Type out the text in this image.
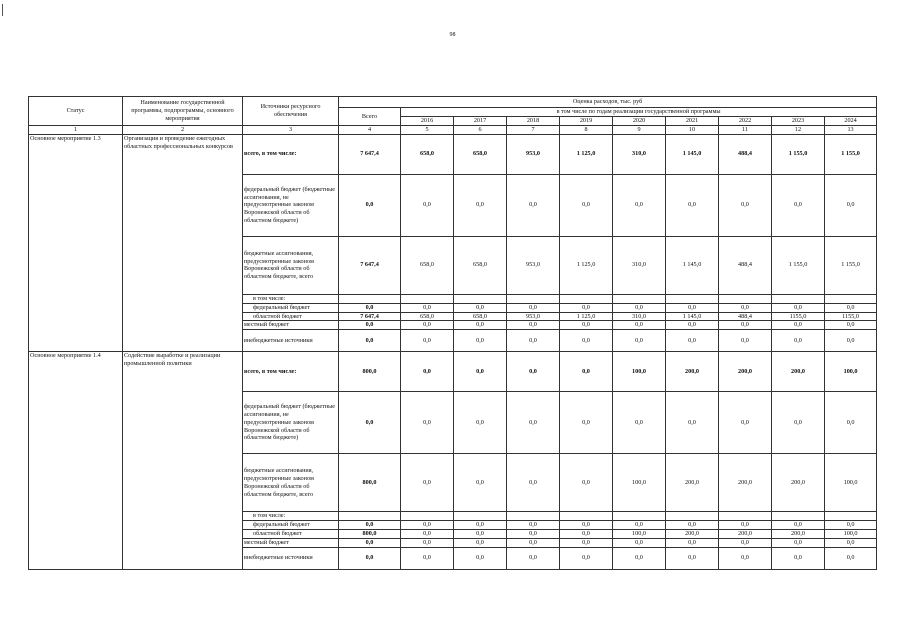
98
Статус	Наименование государственной программы, подпрограммы, основного мероприятия	Источники ресурсного обеспечения	Оценка расходов, тыс. руб									
			Всего	в том числе по годам реализации государственной программы								
				2016	2017	2018	2019	2020	2021	2022	2023	2024
1	2	3	4	5	6	7	8	9	10	11	12	13
Основное мероприятие 1.3	Организация и проведение ежегодных областных профессиональных конкурсов	всего, в том числе:	7 647,4	658,0	658,0	953,0	1 125,0	310,0	1 145,0	488,4	1 155,0	1 155,0
		федеральный бюджет (бюджетные ассигнования, не предусмотренные законом Воронежской области об областном бюджете)	0,0	0,0	0,0	0,0	0,0	0,0	0,0	0,0	0,0	0,0
		бюджетные ассигнования, предусмотренные законом Воронежской области об областном бюджете, всего	7 647,4	658,0	658,0	953,0	1 125,0	310,0	1 145,0	488,4	1 155,0	1 155,0
		в том числе:										
		федеральный бюджет	0,0	0,0	0,0	0,0	0,0	0,0	0,0	0,0	0,0	0,0
		областной бюджет	7 647,4	658,0	658,0	953,0	1 125,0	310,0	1 145,0	488,4	1155,0	1155,0
		местный бюджет	0,0	0,0	0,0	0,0	0,0	0,0	0,0	0,0	0,0	0,0
		внебюджетные источники	0,0	0,0	0,0	0,0	0,0	0,0	0,0	0,0	0,0	0,0
Основное мероприятие 1.4	Содействие выработке и реализации промышленной политики	всего, в том числе:	800,0	0,0	0,0	0,0	0,0	100,0	200,0	200,0	200,0	100,0
		федеральный бюджет (бюджетные ассигнования, не предусмотренные законом Воронежской области об областном бюджете)	0,0	0,0	0,0	0,0	0,0	0,0	0,0	0,0	0,0	0,0
		бюджетные ассигнования, предусмотренные законом Воронежской области об областном бюджете, всего	800,0	0,0	0,0	0,0	0,0	100,0	200,0	200,0	200,0	100,0
		в том числе:										
		федеральный бюджет	0,0	0,0	0,0	0,0	0,0	0,0	0,0	0,0	0,0	0,0
		областной бюджет	800,0	0,0	0,0	0,0	0,0	100,0	200,0	200,0	200,0	100,0
		местный бюджет	0,0	0,0	0,0	0,0	0,0	0,0	0,0	0,0	0,0	0,0
		внебюджетные источники	0,0	0,0	0,0	0,0	0,0	0,0	0,0	0,0	0,0	0,0
